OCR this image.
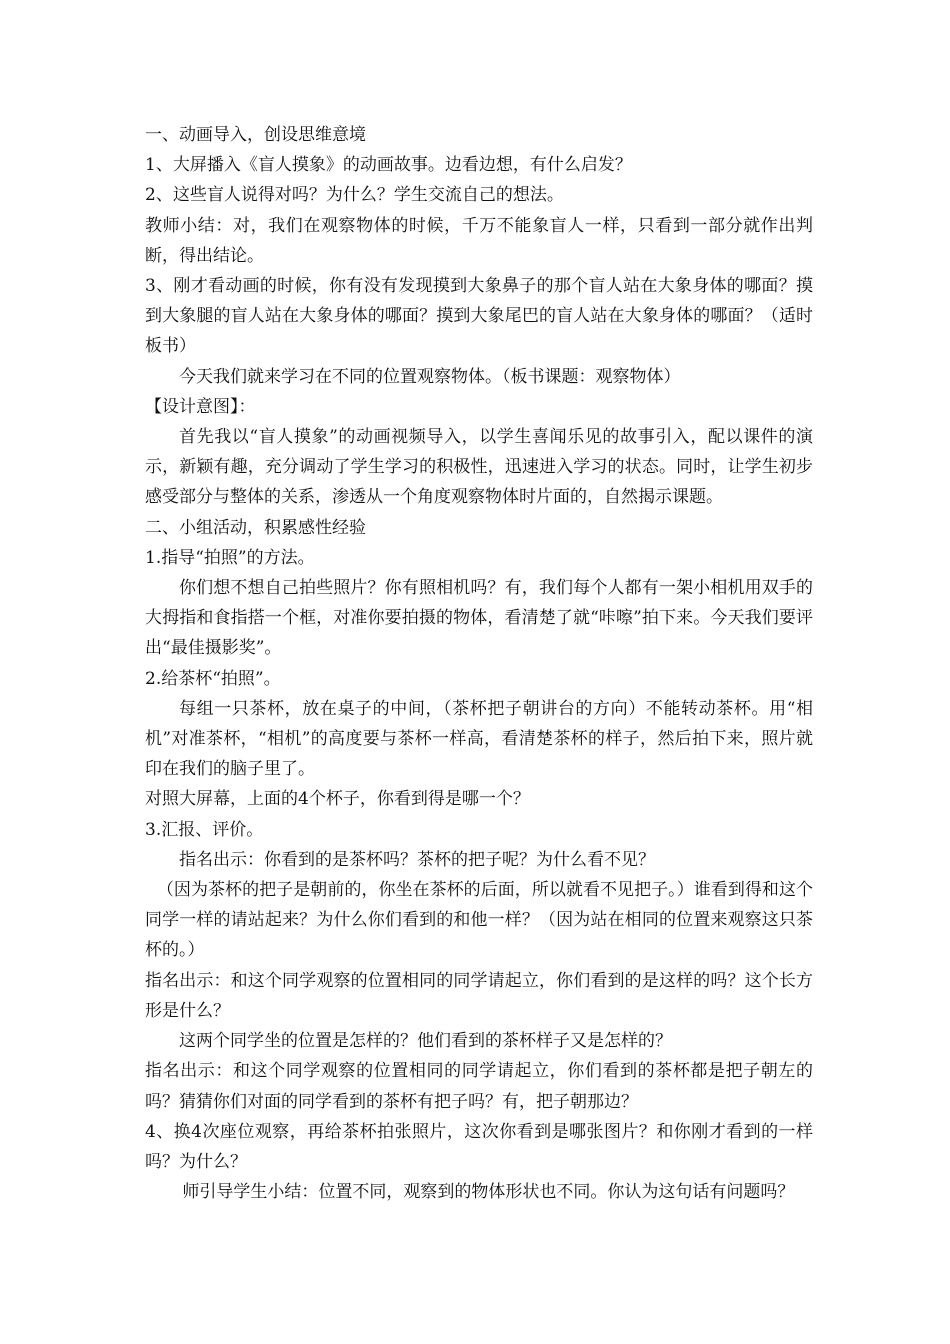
一、动画导入，创设思维意境

1、大屏播入《盲人摸象》的动画故事。边看边想，有什么启发？

2、这些盲人说得对吗？为什么？学生交流自己的想法。

教师小结：对，我们在观察物体的时候，千万不能象盲人一样，只看到一部分就作出判断，得出结论。

3、刚才看动画的时候，你有没有发现摸到大象鼻子的那个盲人站在大象身体的哪面？摸到大象腿的盲人站在大象身体的哪面？摸到大象尾巴的盲人站在大象身体的哪面？（适时板书）

今天我们就来学习在不同的位置观察物体。（板书课题：观察物体）

【设计意图】：

首先我以“盲人摸象”的动画视频导入，以学生喜闻乐见的故事引入，配以课件的演示，新颖有趣，充分调动了学生学习的积极性，迅速进入学习的状态。同时，让学生初步感受部分与整体的关系，渗透从一个角度观察物体时片面的，自然揭示课题。

二、小组活动，积累感性经验

1.指导“拍照”的方法。

你们想不想自己拍些照片？你有照相机吗？有，我们每个人都有一架小相机用双手的大拇指和食指搭一个框，对准你要拍摄的物体，看清楚了就“咔嚓”拍下来。今天我们要评出“最佳摄影奖”。

2.给茶杯“拍照”。

每组一只茶杯，放在桌子的中间，（茶杯把子朝讲台的方向）不能转动茶杯。用“相机”对准茶杯，“相机”的高度要与茶杯一样高，看清楚茶杯的样子，然后拍下来，照片就印在我们的脑子里了。

对照大屏幕，上面的4个杯子，你看到得是哪一个？

3.汇报、评价。

指名出示：你看到的是茶杯吗？茶杯的把子呢？为什么看不见？

（因为茶杯的把子是朝前的，你坐在茶杯的后面，所以就看不见把子。）谁看到得和这个同学一样的请站起来？为什么你们看到的和他一样？（因为站在相同的位置来观察这只茶杯的。）

指名出示：和这个同学观察的位置相同的同学请起立，你们看到的是这样的吗？这个长方形是什么？

这两个同学坐的位置是怎样的？他们看到的茶杯样子又是怎样的？

指名出示：和这个同学观察的位置相同的同学请起立，你们看到的茶杯都是把子朝左的吗？猜猜你们对面的同学看到的茶杯有把子吗？有，把子朝那边？

4、换4次座位观察，再给茶杯拍张照片，这次你看到是哪张图片？和你刚才看到的一样吗？为什么？

师引导学生小结：位置不同，观察到的物体形状也不同。你认为这句话有问题吗？
